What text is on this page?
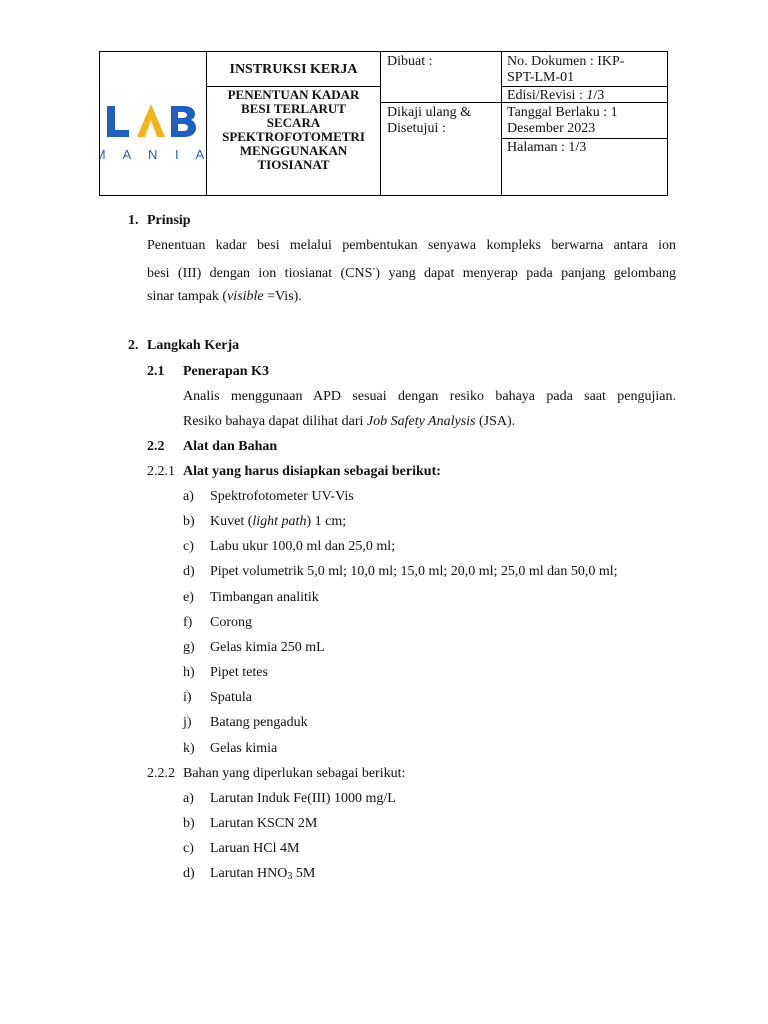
M A N I A
INSTRUKSI KERJA
PENENTUAN KADAR
BESI TERLARUT
SECARA
SPEKTROFOTOMETRI
MENGGUNAKAN
TIOSIANAT
Dibuat :
Dikaji ulang &
Disetujui :
No. Dokumen : IKP-
SPT-LM-01
Edisi/Revisi : 1/3
Tanggal Berlaku : 1
Desember 2023
Halaman : 1/3
1. Prinsip
Penentuan kadar besi melalui pembentukan senyawa kompleks berwarna antara ion
besi (III) dengan ion tiosianat (CNS-) yang dapat menyerap pada panjang gelombang
sinar tampak (visible =Vis).
2. Langkah Kerja
2.1 Penerapan K3
Analis menggunaan APD sesuai dengan resiko bahaya pada saat pengujian.
Resiko bahaya dapat dilihat dari Job Safety Analysis (JSA).
2.2 Alat dan Bahan
2.2.1 Alat yang harus disiapkan sebagai berikut:
a) Spektrofotometer UV-Vis
b) Kuvet (light path) 1 cm;
c) Labu ukur 100,0 ml dan 25,0 ml;
d) Pipet volumetrik 5,0 ml; 10,0 ml; 15,0 ml; 20,0 ml; 25,0 ml dan 50,0 ml;
e) Timbangan analitik
f) Corong
g) Gelas kimia 250 mL
h) Pipet tetes
i) Spatula
j) Batang pengaduk
k) Gelas kimia
2.2.2 Bahan yang diperlukan sebagai berikut:
a) Larutan Induk Fe(III) 1000 mg/L
b) Larutan KSCN 2M
c) Laruan HCl 4M
d) Larutan $HNO_3$ 5M
